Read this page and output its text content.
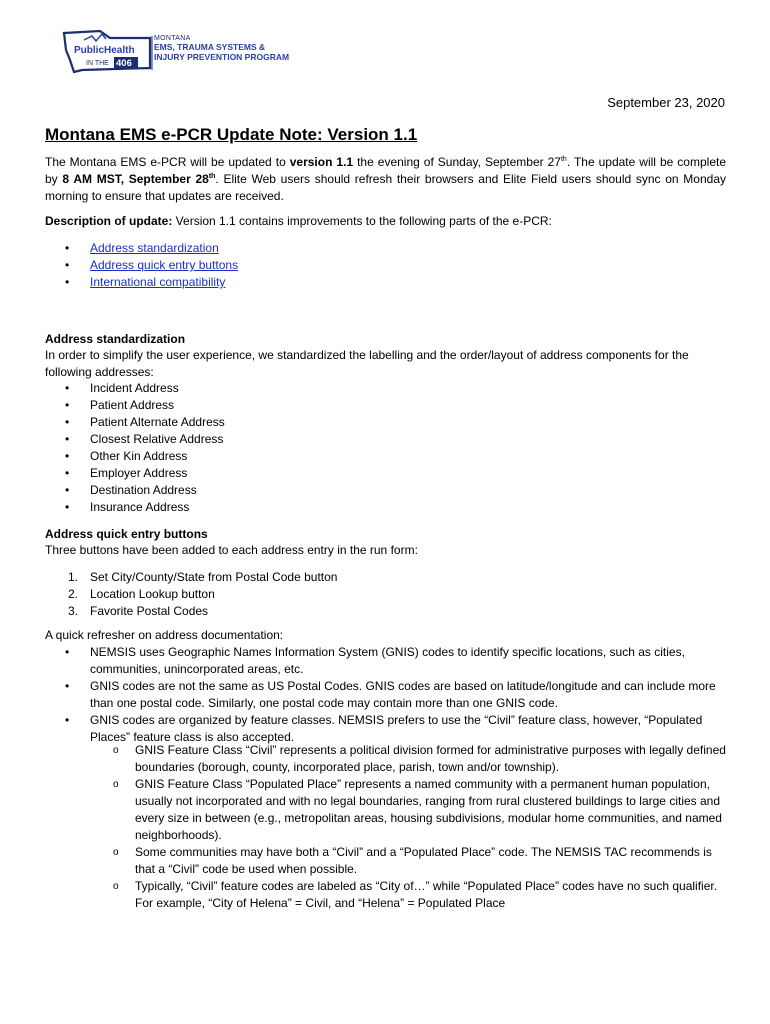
PublicHealth
IN THE 406
MONTANA
EMS, TRAUMA SYSTEMS &
INJURY PREVENTION PROGRAM
September 23, 2020
Montana EMS e-PCR Update Note: Version 1.1
The Montana EMS e-PCR will be updated to version 1.1 the evening of Sunday, September 27th. The update will be complete by 8 AM MST, September 28th. Elite Web users should refresh their browsers and Elite Field users should sync on Monday morning to ensure that updates are received.
Description of update: Version 1.1 contains improvements to the following parts of the e-PCR:
• Address standardization
• Address quick entry buttons
• International compatibility
Address standardization
In order to simplify the user experience, we standardized the labelling and the order/layout of address components for the following addresses:
• Incident Address
• Patient Address
• Patient Alternate Address
• Closest Relative Address
• Other Kin Address
• Employer Address
• Destination Address
• Insurance Address
Address quick entry buttons
Three buttons have been added to each address entry in the run form:
1. Set City/County/State from Postal Code button
2. Location Lookup button
3. Favorite Postal Codes
A quick refresher on address documentation:
• NEMSIS uses Geographic Names Information System (GNIS) codes to identify specific locations, such as cities, communities, unincorporated areas, etc.
• GNIS codes are not the same as US Postal Codes. GNIS codes are based on latitude/longitude and can include more than one postal code. Similarly, one postal code may contain more than one GNIS code.
• GNIS codes are organized by feature classes. NEMSIS prefers to use the “Civil” feature class, however, “Populated Places” feature class is also accepted.
o GNIS Feature Class “Civil” represents a political division formed for administrative purposes with legally defined boundaries (borough, county, incorporated place, parish, town and/or township).
o GNIS Feature Class “Populated Place” represents a named community with a permanent human population, usually not incorporated and with no legal boundaries, ranging from rural clustered buildings to large cities and every size in between (e.g., metropolitan areas, housing subdivisions, modular home communities, and named neighborhoods).
o Some communities may have both a “Civil” and a “Populated Place” code. The NEMSIS TAC recommends is that a “Civil” code be used when possible.
o Typically, “Civil” feature codes are labeled as “City of…” while “Populated Place” codes have no such qualifier. For example, “City of Helena” = Civil, and “Helena” = Populated Place
